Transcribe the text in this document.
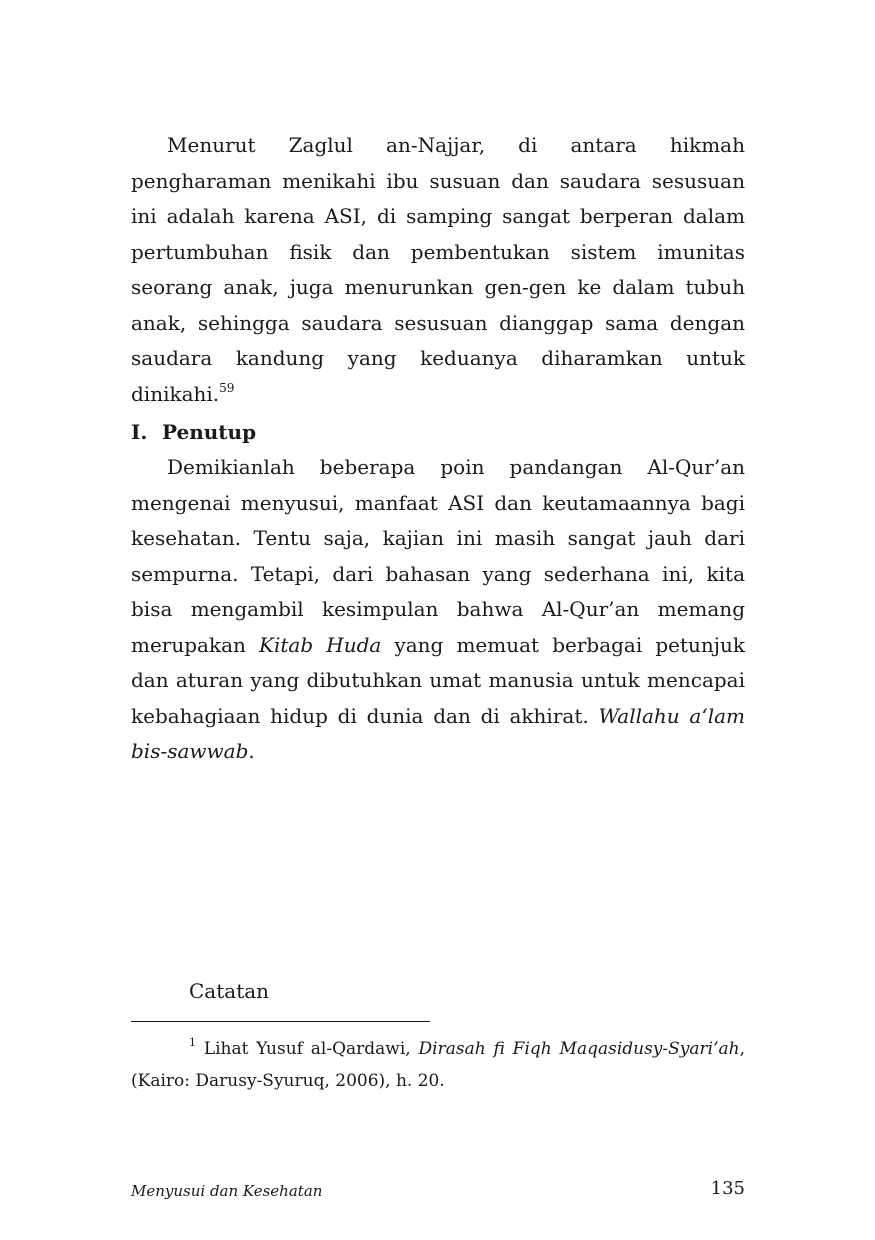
Menurut Zaglul an-Najjar, di antara hikmah pengharaman menikahi ibu susuan dan saudara sesusuan ini adalah karena ASI, di samping sangat berperan dalam pertumbuhan fisik dan pembentukan sistem imunitas seorang anak, juga menurunkan gen-gen ke dalam tubuh anak, sehingga saudara sesusuan dianggap sama dengan saudara kandung yang keduanya diharamkan untuk dinikahi.$^{59}$

I. Penutup

Demikianlah beberapa poin pandangan Al-Qur’an mengenai menyusui, manfaat ASI dan keutamaannya bagi kesehatan. Tentu saja, kajian ini masih sangat jauh dari sempurna. Tetapi, dari bahasan yang sederhana ini, kita bisa mengambil kesimpulan bahwa Al-Qur’an memang merupakan Kitab Huda yang memuat berbagai petunjuk dan aturan yang dibutuhkan umat manusia untuk mencapai kebahagiaan hidup di dunia dan di akhirat. Wallahu a‘lam bis-sawwab.

Catatan

$^1$ Lihat Yusuf al-Qardawi, Dirasah fi Fiqh Maqasidusy-Syari’ah, (Kairo: Darusy-Syuruq, 2006), h. 20.

Menyusui dan Kesehatan	135
